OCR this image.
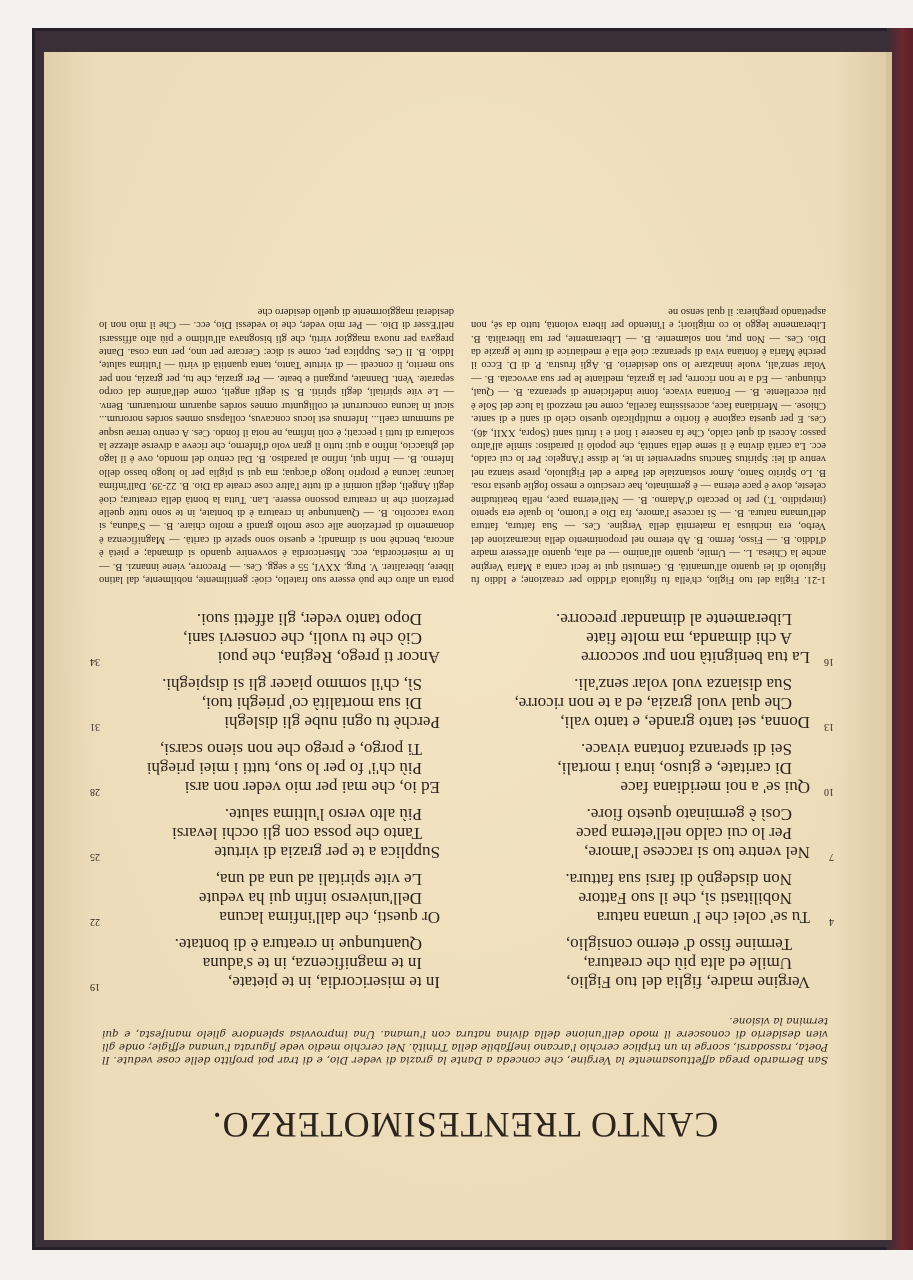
CANTO TRENTESIMOTERZO.

San Bernardo prega affettuosamente la Vergine, che conceda a Dante la grazia di veder Dio, e di trar poi profitto delle cose vedute. Il Poeta, rassodarsi, scorge in un triplice cerchio l'arcano ineffabile della Trinità. Nel cerchio medio vede figurata l'umana effigie; onde gli vien desiderio di conoscere il modo dell'unione della divina natura con l'umana. Una improvvisa splendore glielo manifesta, e qui termina la visione.

Vergine madre, figlia del tuo Figlio,
Umile ed alta più che creatura,
Termine fisso d' eterno consiglio,
4
Tu se' colei che l' umana natura
Nobilitasti sì, che il suo Fattore
Non disdegnò di farsi sua fattura.
7
Nel ventre tuo si raccese l'amore,
Per lo cui caldo nell'eterna pace
Così è germinato questo fiore.
10
Qui se' a noi meridiana face
Di caritate, e giuso, intra i mortali,
Sei di speranza fontana vivace.
13
Donna, sei tanto grande, e tanto vali,
Che qual vuol grazia, ed a te non ricorre,
Sua disianza vuol volar senz'ali.
16
La tua benignità non pur soccorre
A chi dimanda, ma molte fiate
Liberamente al dimandar precorre.
19	In te misericordia, in te pietate,
In te magnificenza, in te s'aduna
Quantunque in creatura è di bontate.
22	Or questi, che dall'infima lacuna
Dell'universo infin qui ha vedute
Le vite spiritali ad una ad una,
25	Supplica a te per grazia di virtute
Tanto che possa con gli occhi levarsi
Più alto verso l'ultima salute.
28	Ed io, che mai per mio veder non arsi
Più ch'i' fo per lo suo, tutti i miei prieghi
Ti porgo, e prego che non sieno scarsi,
31	Perchè tu ogni nube gli disleghi
Di sua mortalità co' prieghi tuoi,
Sì, ch'il sommo piacer gli si dispieghi.
34	Ancor ti prego, Regina, che puoi
Ciò che tu vuoli, che conservi sani,
Dopo tanto veder, gli affetti suoi.
1-21. Figlia del tuo Figlio, ch'ella fu figliuola d'Iddio per creazione; e Iddio fu figliuolo di lei quanto all'umanità. B. Gemuisti qui te fecit canta a Maria Vergine anche la Chiesa. L. — Umile, quanto all'animo — ed alta, quanto all'essere madre d'Iddio. B. — Fisso, fermo. B. Ab eterno nel proponimento della incarnazione del Verbo, era inchiusa la maternità della Vergine. Ces. — Sua fattura, fattura dell'umana natura. B. — Si raccese l'amore, fra Dio e l'uomo, lo quale era spento (intepidito. T.) per lo peccato d'Adamo. B. — Nell'eterna pace, nella beatitudine celeste, dove è pace eterna — è germinato, hae cresciuto e messo foglie questa rosa. B. Lo Spirito Santo, Amor sostanziale del Padre e del Figliuolo, prese stanza nel ventre di lei: Spiritus Sanctus superveniet in te, le disse l'Angelo: Per lo cui caldo, ecc. La carità divina è il seme della santità, che popolò il paradiso: simile all'altro passo: Accesi di quel caldo, Che fa nascere i fiori e i frutti santi (Sopra, XXII, 46). Ces. E per questa cagione è fiorito e multiplicato questo cielo di santi e di sante. Chiose. — Meridiana face, accesissima facella, come nel mezzodì la luce del Sole è più eccellente. B. — Fontana vivace, fonte indeficiente di speranza. B. — Qual, chiunque. — Ed a te non ricorre, per la grazia, mediante le per sua avvocata. B. — Volar senz'ali, vuole innalzare lo suo desiderio. B. Agli frustra. P. di D. Ecco il perchè Maria è fontana viva di speranza: cioè ella è mediatrice di tutte le grazie da Dio. Ces. — Non pur, non solamente. B. — Liberamente, per tua liberalità. B. Liberamente leggo io co migliori; e l'intendo per libera volontà, tutto da sè, non aspettando preghiera: il qual senso ne
porta un altro che può essere suo fratello, cioè: gentilmente, nobilmente, dal latino libere, liberaliter. V. Purg. XXVI, 55 e segg. Ces. — Precorre, viene innanzi. B. — In te misericordia, ecc. Misericordia è sovvenire quando si dimanda; e pietà è ancora, benchè non si dimandi; e questo sono spezie di carità. — Magnificenza è donamento di perfezione alle cose molto grandi e molto chiare. B. — S'aduna, si trova raccolto. B. — Quantunque in creatura è di bontate, in te sono tutte quelle perfezioni che in creatura possono essere. Lan. Tutta la bontà della creatura; cioè degli Angeli, degli uomini e di tutte l'altre cose create da Dio. B. 22-39. Dall'infima lacuna: lacuna è proprio luogo d'acqua; ma qui si piglia per lo luogo basso dello Inferno. B. — Infin qui, infino al paradiso. B. Dal centro del mondo, ove è il lago del ghiaccio, infino a qui: tutto il gran volo d'Inferno, che riceve a diverse altezze la scolatura di tutti i peccati; è colì infima, ne nota il fondo. Ces. A centro terrae usque ad summum caeli... Infernus est locus concavus, collapsus omnes sordes nororum... sicut in lacuna concurrunt et colliguntur omnes sordes aquarum mortuarum. Benv. — Le vite spiritali, degli spiriti. B. Si degli angeli, come dell'anime dal corpo separate. Vent. Dannate, purganti e beate. — Per grazia, che tu, per grazia, non per suo merito, li concedi — di virtute Tanto, tanta quantità di virtù — l'ultima salute, Iddio. B. Il Ces. Supplica per, come si dice: Cercare per uno, per una cosa. Dante pregava per nuova maggior virtù, che gli bisognava all'ultimo e più alto affissarsi nell'Esser di Dio. — Per mio veder, che io vedessi Dio, ecc. — Che il mio non lo desiderai maggiormente di quello desidero che
